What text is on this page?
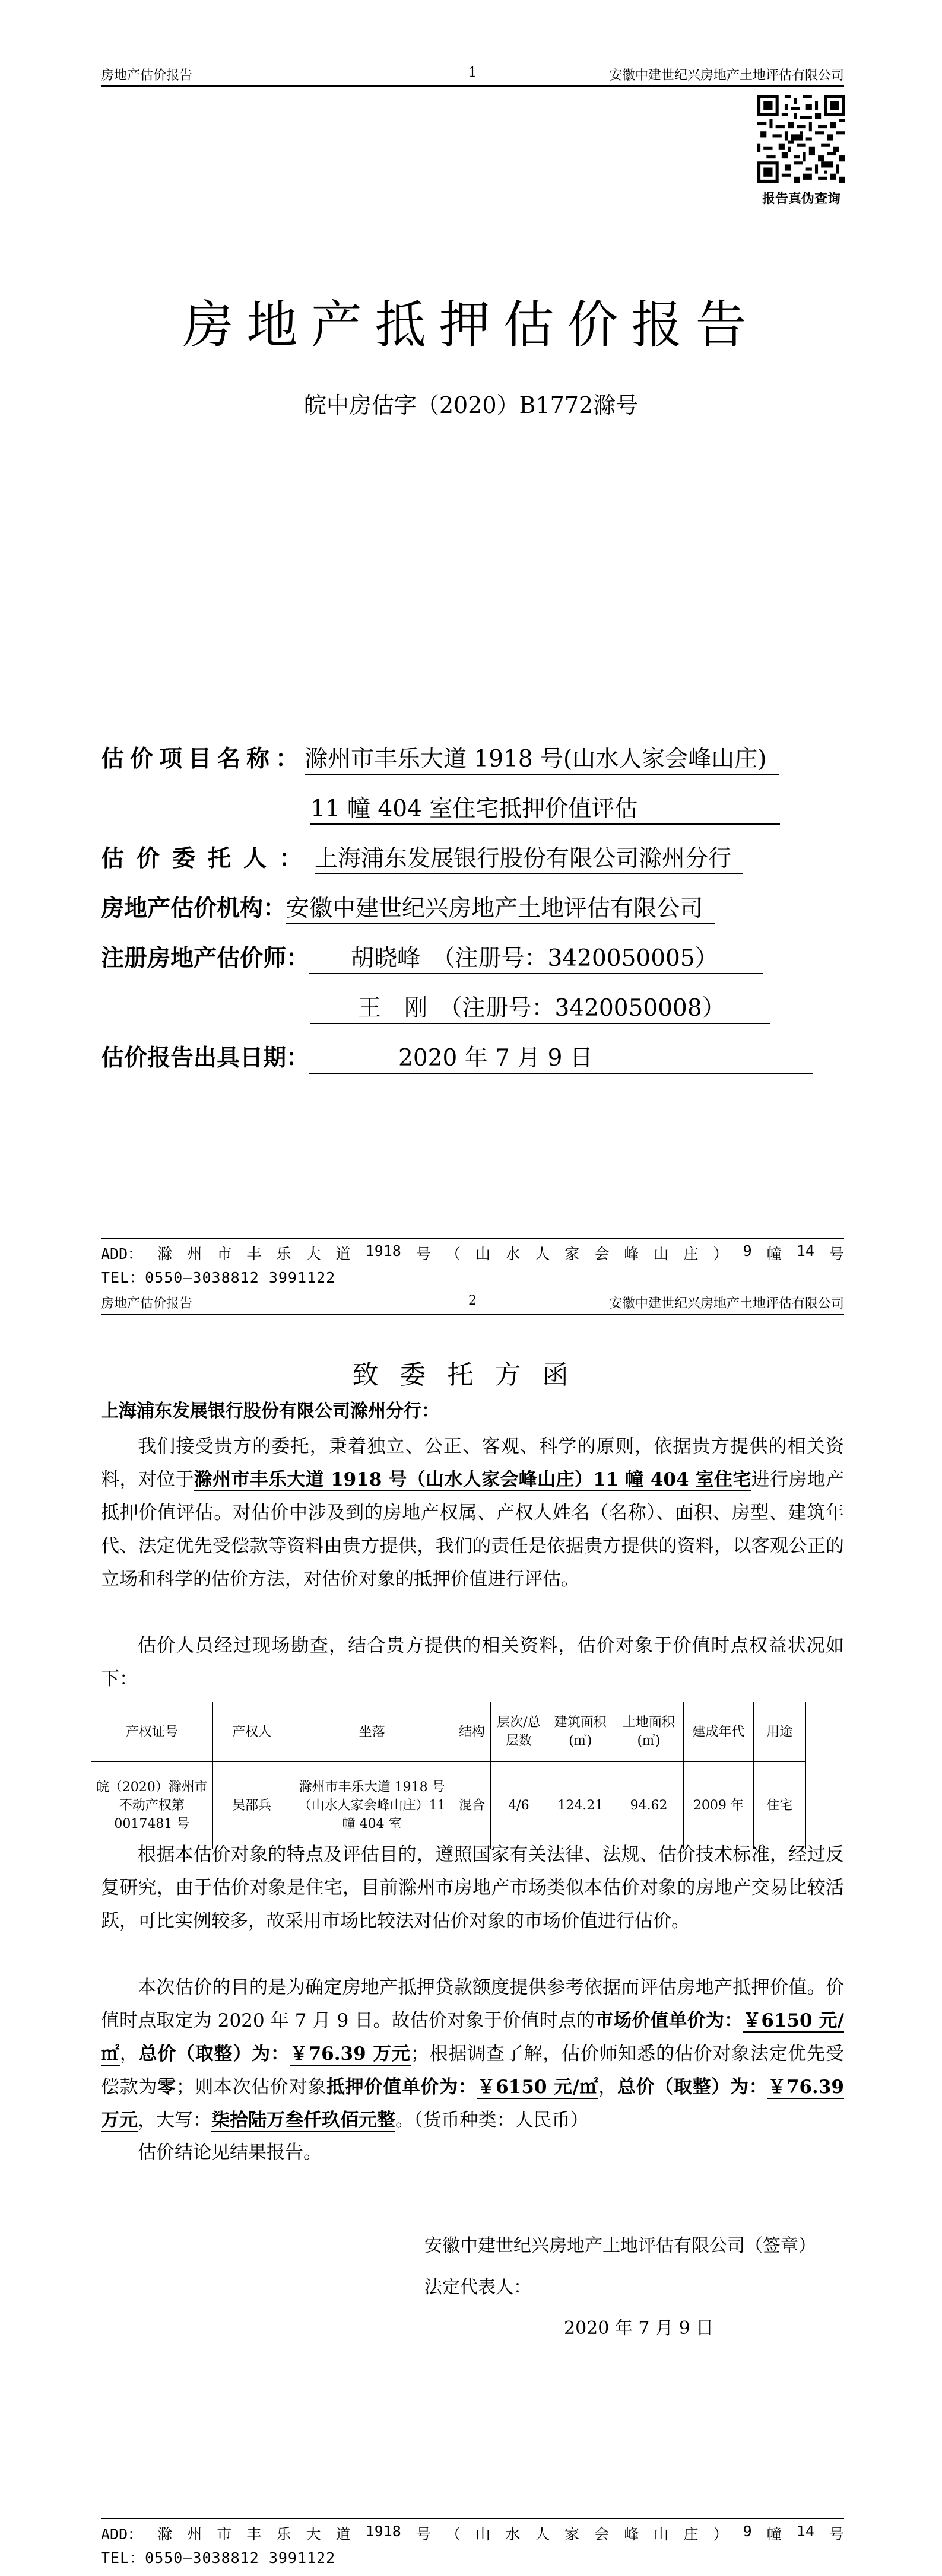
房地产估价报告	1	安徽中建世纪兴房地产土地评估有限公司
报告真伪查询
房地产抵押估价报告
皖中房估字（2020）B1772滁号
估价项目名称：滁州市丰乐大道 1918 号(山水人家会峰山庄)
11 幢 404 室住宅抵押价值评估
估价委托人：上海浦东发展银行股份有限公司滁州分行
房地产估价机构：安徽中建世纪兴房地产土地评估有限公司
注册房地产估价师： 胡晓峰　（注册号：3420050005）
王　刚　（注册号：3420050008）
估价报告出具日期：	2020 年 7 月 9 日
ADD： 滁 州 市 丰 乐 大 道 1918 号 （ 山 水 人 家 会 峰 山 庄 ） 9 幢 14 号
TEL：0550—3038812 3991122
房地产估价报告	2	安徽中建世纪兴房地产土地评估有限公司
致委托方函
上海浦东发展银行股份有限公司滁州分行：

我们接受贵方的委托，秉着独立、公正、客观、科学的原则，依据贵方提供的相关资料，对位于滁州市丰乐大道 1918 号（山水人家会峰山庄）11 幢 404 室住宅进行房地产抵押价值评估。对估价中涉及到的房地产权属、产权人姓名（名称）、面积、房型、建筑年代、法定优先受偿款等资料由贵方提供，我们的责任是依据贵方提供的资料，以客观公正的立场和科学的估价方法，对估价对象的抵押价值进行评估。

估价人员经过现场勘查，结合贵方提供的相关资料，估价对象于价值时点权益状况如下：

产权证号	产权人	坐落	结构	层次/总层数	建筑面积(㎡)	土地面积(㎡)	建成年代	用途
皖（2020）滁州市不动产权第 0017481 号	吴邵兵	滁州市丰乐大道 1918 号（山水人家会峰山庄）11 幢 404 室	混合	4/6	124.21	94.62	2009 年	住宅

根据本估价对象的特点及评估目的，遵照国家有关法律、法规、估价技术标准，经过反复研究，由于估价对象是住宅，目前滁州市房地产市场类似本估价对象的房地产交易比较活跃，可比实例较多，故采用市场比较法对估价对象的市场价值进行估价。

本次估价的目的是为确定房地产抵押贷款额度提供参考依据而评估房地产抵押价值。价值时点取定为 2020 年 7 月 9 日。故估价对象于价值时点的市场价值单价为：￥6150 元/㎡，总价（取整）为：￥76.39 万元；根据调查了解，估价师知悉的估价对象法定优先受偿款为零；则本次估价对象抵押价值单价为：￥6150 元/㎡，总价（取整）为：￥76.39 万元，大写：柒拾陆万叁仟玖佰元整。（货币种类：人民币）

估价结论见结果报告。

安徽中建世纪兴房地产土地评估有限公司（签章）
法定代表人：
2020 年 7 月 9 日
ADD： 滁 州 市 丰 乐 大 道 1918 号 （ 山 水 人 家 会 峰 山 庄 ） 9 幢 14 号
TEL：0550—3038812 3991122
